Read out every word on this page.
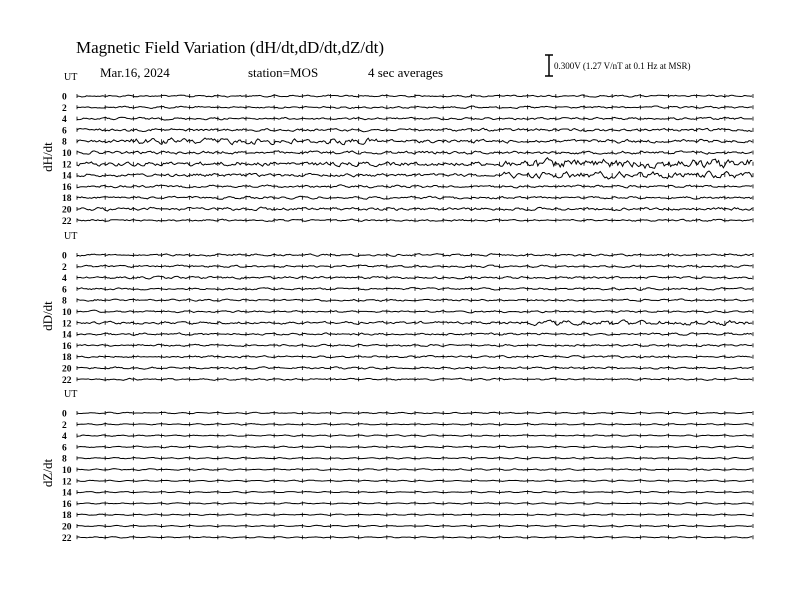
Magnetic Field Variation (dH/dt,dD/dt,dZ/dt)
Mar.16, 2024	station=MOS	4 sec averages	0.300V (1.27 V/nT at 0.1 Hz at MSR)
UT
dH/dt
0
2
4
6
8
10
12
14
16
18
20
22
UT
dD/dt
0
2
4
6
8
10
12
14
16
18
20
22
UT
dZ/dt
0
2
4
6
8
10
12
14
16
18
20
22
